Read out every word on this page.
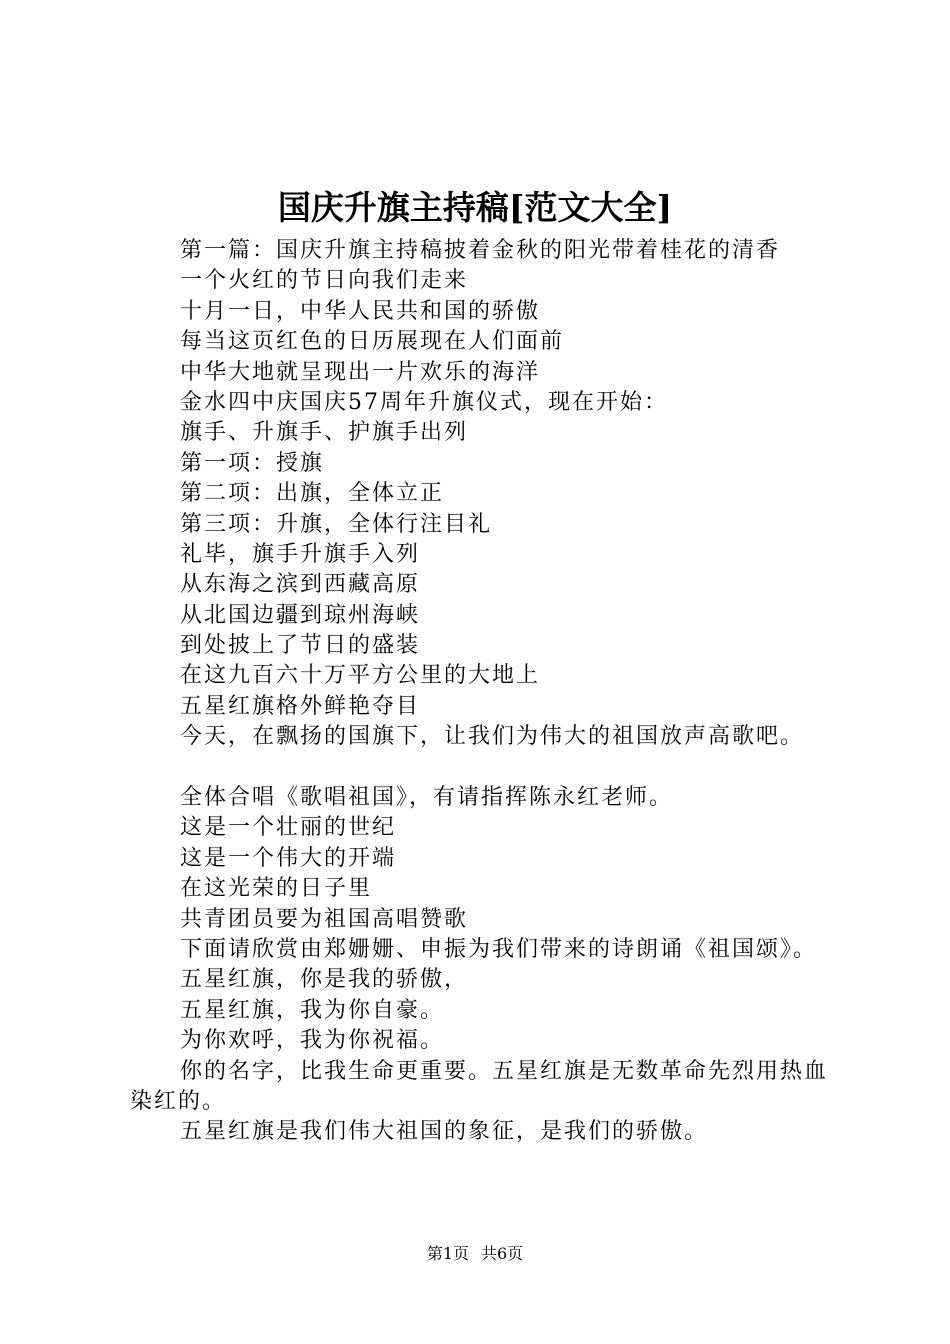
国庆升旗主持稿[范文大全]
第一篇：国庆升旗主持稿披着金秋的阳光带着桂花的清香
一个火红的节日向我们走来
十月一日，中华人民共和国的骄傲
每当这页红色的日历展现在人们面前
中华大地就呈现出一片欢乐的海洋
金水四中庆国庆57周年升旗仪式，现在开始：
旗手、升旗手、护旗手出列
第一项：授旗
第二项：出旗，全体立正
第三项：升旗，全体行注目礼
礼毕，旗手升旗手入列
从东海之滨到西藏高原
从北国边疆到琼州海峡
到处披上了节日的盛装
在这九百六十万平方公里的大地上
五星红旗格外鲜艳夺目
今天，在飘扬的国旗下，让我们为伟大的祖国放声高歌吧。
全体合唱《歌唱祖国》，有请指挥陈永红老师。
这是一个壮丽的世纪
这是一个伟大的开端
在这光荣的日子里
共青团员要为祖国高唱赞歌
下面请欣赏由郑姗姗、申振为我们带来的诗朗诵《祖国颂》。
五星红旗，你是我的骄傲，
五星红旗，我为你自豪。
为你欢呼，我为你祝福。
你的名字，比我生命更重要。五星红旗是无数革命先烈用热血染红的。
五星红旗是我们伟大祖国的象征，是我们的骄傲。
第1页 共6页
